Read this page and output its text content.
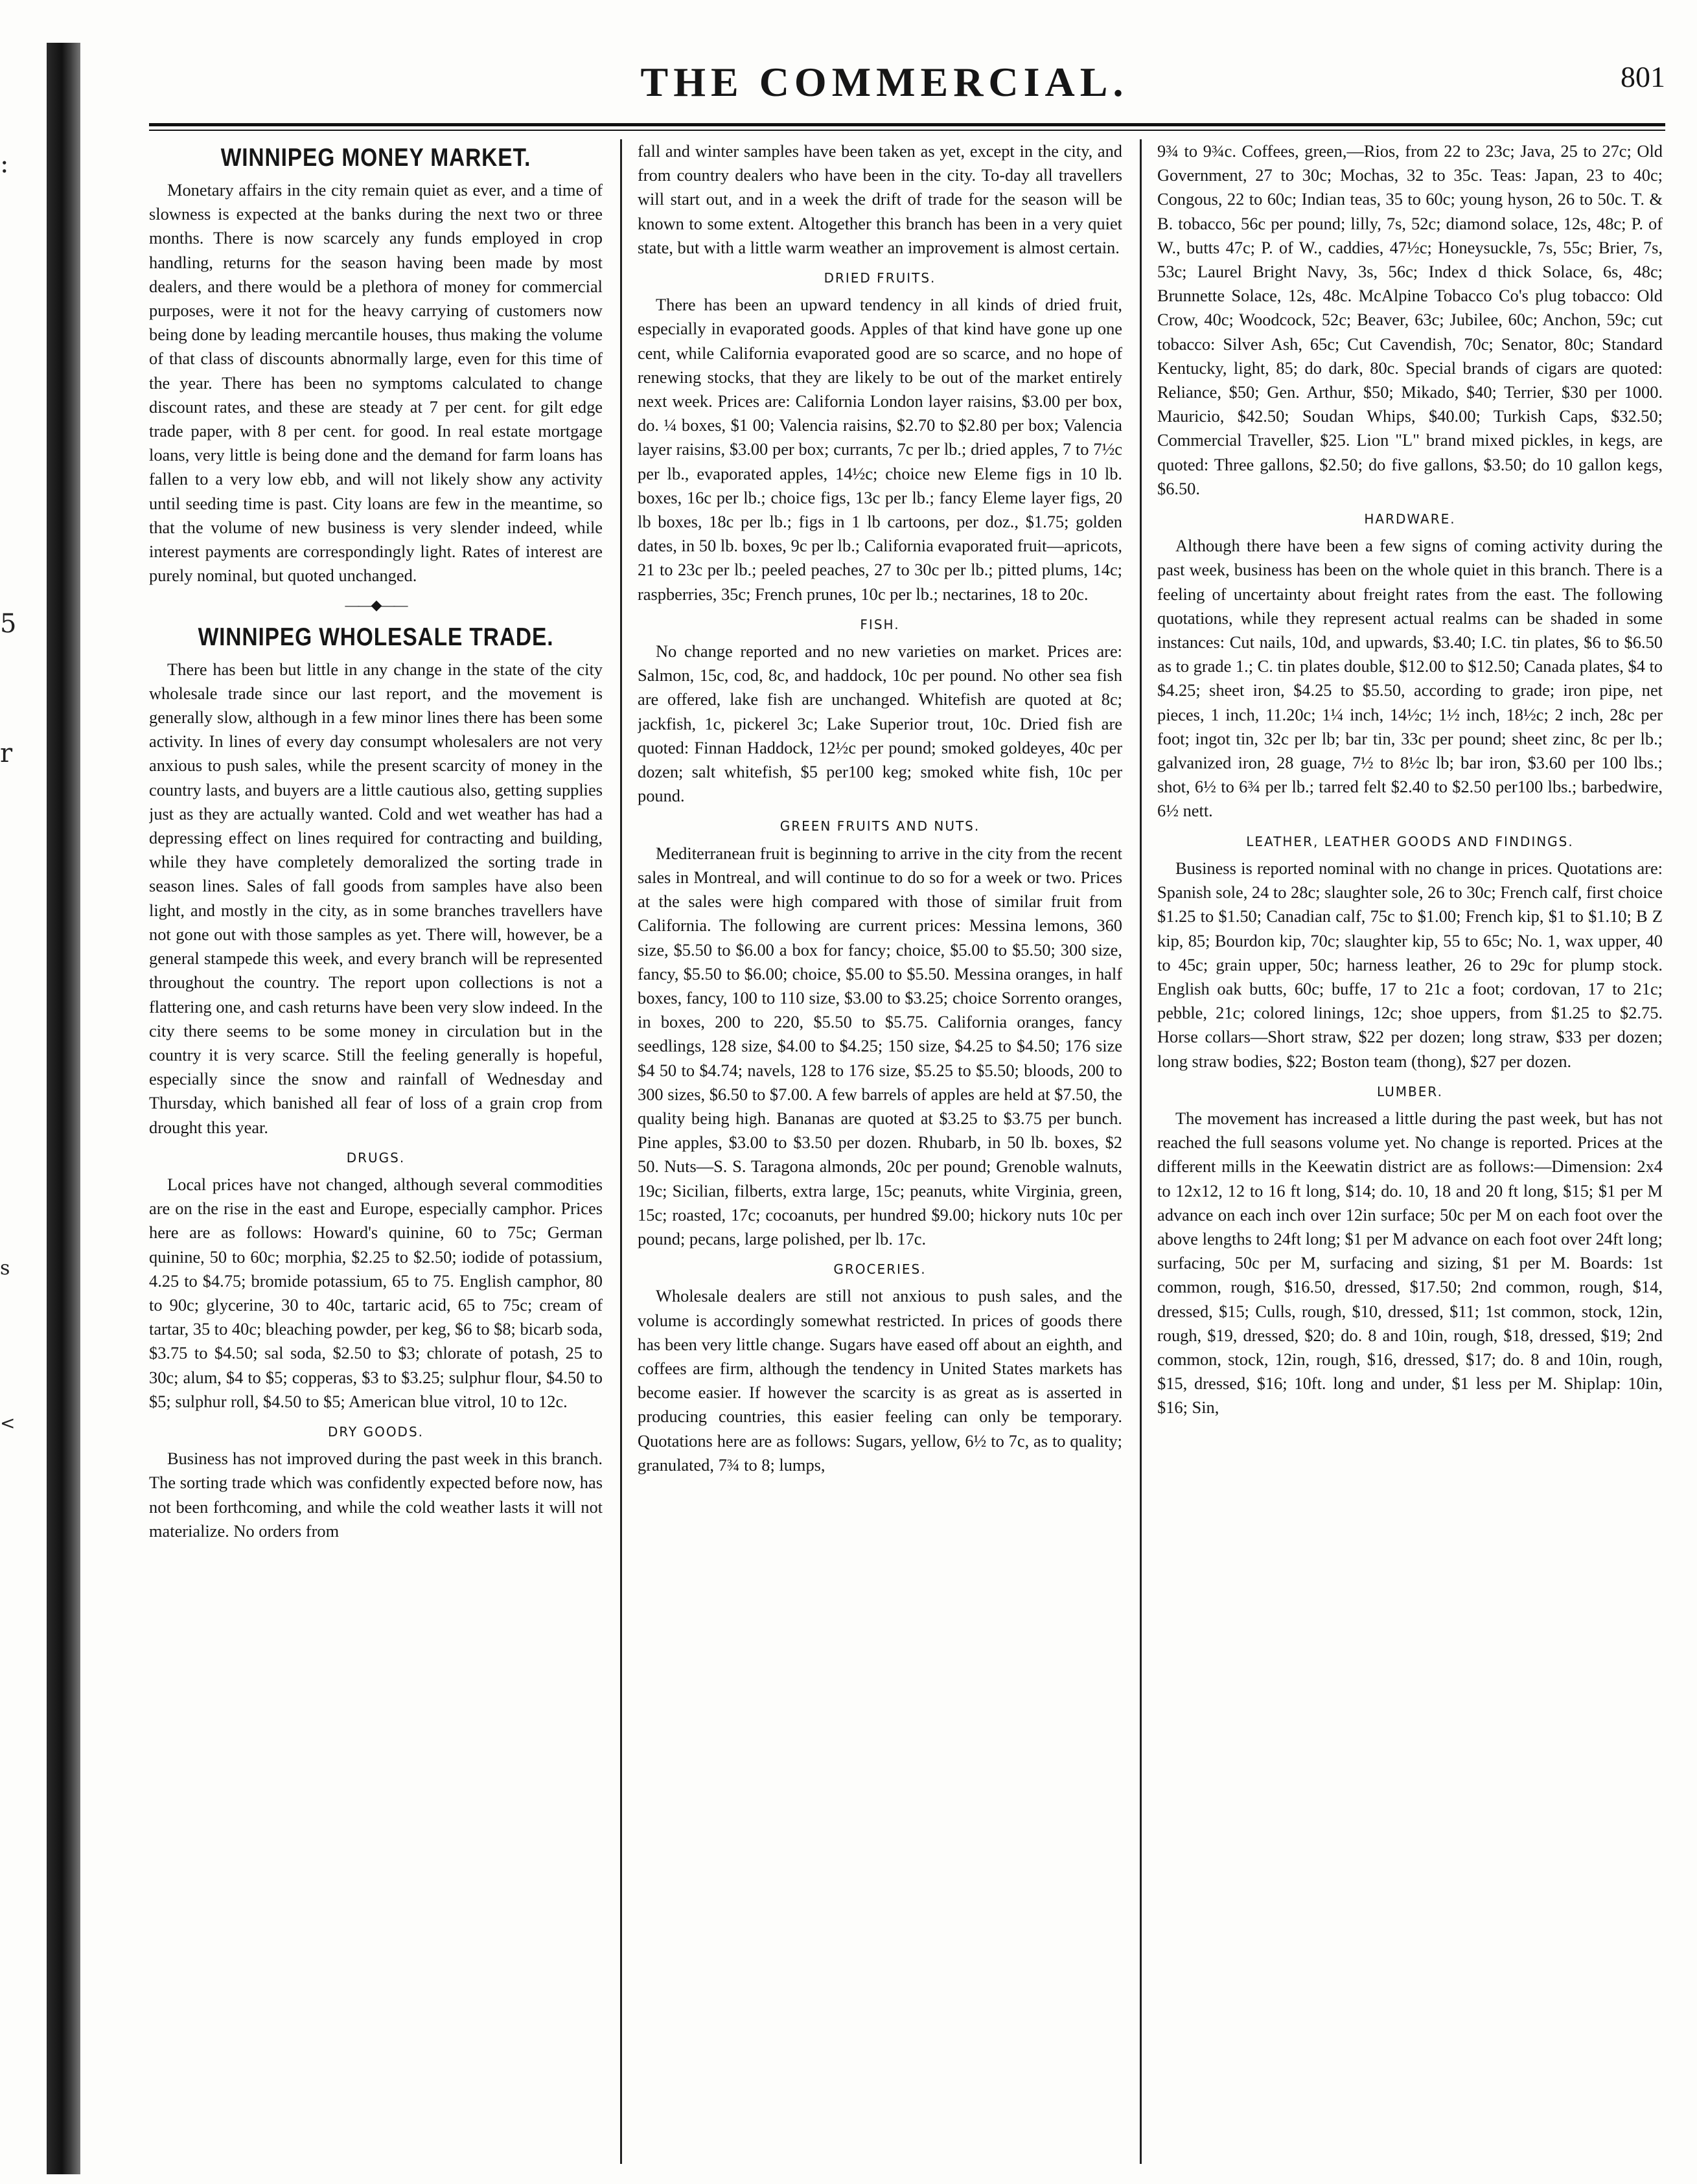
:
5
r
s
<
THE COMMERCIAL.	801
WINNIPEG MONEY MARKET.

Monetary affairs in the city remain quiet as ever, and a time of slowness is expected at the banks during the next two or three months. There is now scarcely any funds employed in crop handling, returns for the season having been made by most dealers, and there would be a plethora of money for commercial purposes, were it not for the heavy carrying of customers now being done by leading mercantile houses, thus making the volume of that class of discounts abnormally large, even for this time of the year. There has been no symptoms calculated to change discount rates, and these are steady at 7 per cent. for gilt edge trade paper, with 8 per cent. for good. In real estate mortgage loans, very little is being done and the demand for farm loans has fallen to a very low ebb, and will not likely show any activity until seeding time is past. City loans are few in the meantime, so that the volume of new business is very slender indeed, while interest payments are correspondingly light. Rates of interest are purely nominal, but quoted unchanged.

——◆——
WINNIPEG WHOLESALE TRADE.

There has been but little in any change in the state of the city wholesale trade since our last report, and the movement is generally slow, although in a few minor lines there has been some activity. In lines of every day consumpt wholesalers are not very anxious to push sales, while the present scarcity of money in the country lasts, and buyers are a little cautious also, getting supplies just as they are actually wanted. Cold and wet weather has had a depressing effect on lines required for contracting and building, while they have completely demoralized the sorting trade in season lines. Sales of fall goods from samples have also been light, and mostly in the city, as in some branches travellers have not gone out with those samples as yet. There will, however, be a general stampede this week, and every branch will be represented throughout the country. The report upon collections is not a flattering one, and cash returns have been very slow indeed. In the city there seems to be some money in circulation but in the country it is very scarce. Still the feeling generally is hopeful, especially since the snow and rainfall of Wednesday and Thursday, which banished all fear of loss of a grain crop from drought this year.

DRUGS.

Local prices have not changed, although several commodities are on the rise in the east and Europe, especially camphor. Prices here are as follows: Howard's quinine, 60 to 75c; German quinine, 50 to 60c; morphia, $2.25 to $2.50; iodide of potassium, 4.25 to $4.75; bromide potassium, 65 to 75. English camphor, 80 to 90c; glycerine, 30 to 40c, tartaric acid, 65 to 75c; cream of tartar, 35 to 40c; bleaching powder, per keg, $6 to $8; bicarb soda, $3.75 to $4.50; sal soda, $2.50 to $3; chlorate of potash, 25 to 30c; alum, $4 to $5; copperas, $3 to $3.25; sulphur flour, $4.50 to $5; sulphur roll, $4.50 to $5; American blue vitrol, 10 to 12c.

DRY GOODS.

Business has not improved during the past week in this branch. The sorting trade which was confidently expected before now, has not been forthcoming, and while the cold weather lasts it will not materialize. No orders from

fall and winter samples have been taken as yet, except in the city, and from country dealers who have been in the city. To-day all travellers will start out, and in a week the drift of trade for the season will be known to some extent. Altogether this branch has been in a very quiet state, but with a little warm weather an improvement is almost certain.

DRIED FRUITS.

There has been an upward tendency in all kinds of dried fruit, especially in evaporated goods. Apples of that kind have gone up one cent, while California evaporated good are so scarce, and no hope of renewing stocks, that they are likely to be out of the market entirely next week. Prices are: California London layer raisins, $3.00 per box, do. ¼ boxes, $1 00; Valencia raisins, $2.70 to $2.80 per box; Valencia layer raisins, $3.00 per box; currants, 7c per lb.; dried apples, 7 to 7½c per lb., evaporated apples, 14½c; choice new Eleme figs in 10 lb. boxes, 16c per lb.; choice figs, 13c per lb.; fancy Eleme layer figs, 20 lb boxes, 18c per lb.; figs in 1 lb cartoons, per doz., $1.75; golden dates, in 50 lb. boxes, 9c per lb.; California evaporated fruit—apricots, 21 to 23c per lb.; peeled peaches, 27 to 30c per lb.; pitted plums, 14c; raspberries, 35c; French prunes, 10c per lb.; nectarines, 18 to 20c.

FISH.

No change reported and no new varieties on market. Prices are: Salmon, 15c, cod, 8c, and haddock, 10c per pound. No other sea fish are offered, lake fish are unchanged. Whitefish are quoted at 8c; jackfish, 1c, pickerel 3c; Lake Superior trout, 10c. Dried fish are quoted: Finnan Haddock, 12½c per pound; smoked goldeyes, 40c per dozen; salt whitefish, $5 per100 keg; smoked white fish, 10c per pound.

GREEN FRUITS AND NUTS.

Mediterranean fruit is beginning to arrive in the city from the recent sales in Montreal, and will continue to do so for a week or two. Prices at the sales were high compared with those of similar fruit from California. The following are current prices: Messina lemons, 360 size, $5.50 to $6.00 a box for fancy; choice, $5.00 to $5.50; 300 size, fancy, $5.50 to $6.00; choice, $5.00 to $5.50. Messina oranges, in half boxes, fancy, 100 to 110 size, $3.00 to $3.25; choice Sorrento oranges, in boxes, 200 to 220, $5.50 to $5.75. California oranges, fancy seedlings, 128 size, $4.00 to $4.25; 150 size, $4.25 to $4.50; 176 size $4 50 to $4.74; navels, 128 to 176 size, $5.25 to $5.50; bloods, 200 to 300 sizes, $6.50 to $7.00. A few barrels of apples are held at $7.50, the quality being high. Bananas are quoted at $3.25 to $3.75 per bunch. Pine apples, $3.00 to $3.50 per dozen. Rhubarb, in 50 lb. boxes, $2 50. Nuts—S. S. Taragona almonds, 20c per pound; Grenoble walnuts, 19c; Sicilian, filberts, extra large, 15c; peanuts, white Virginia, green, 15c; roasted, 17c; cocoanuts, per hundred $9.00; hickory nuts 10c per pound; pecans, large polished, per lb. 17c.

GROCERIES.

Wholesale dealers are still not anxious to push sales, and the volume is accordingly somewhat restricted. In prices of goods there has been very little change. Sugars have eased off about an eighth, and coffees are firm, although the tendency in United States markets has become easier. If however the scarcity is as great as is asserted in producing countries, this easier feeling can only be temporary. Quotations here are as follows: Sugars, yellow, 6½ to 7c, as to quality; granulated, 7¾ to 8; lumps,

9¾ to 9¾c. Coffees, green,—Rios, from 22 to 23c; Java, 25 to 27c; Old Government, 27 to 30c; Mochas, 32 to 35c. Teas: Japan, 23 to 40c; Congous, 22 to 60c; Indian teas, 35 to 60c; young hyson, 26 to 50c. T. & B. tobacco, 56c per pound; lilly, 7s, 52c; diamond solace, 12s, 48c; P. of W., butts 47c; P. of W., caddies, 47½c; Honeysuckle, 7s, 55c; Brier, 7s, 53c; Laurel Bright Navy, 3s, 56c; Index d thick Solace, 6s, 48c; Brunnette Solace, 12s, 48c. McAlpine Tobacco Co's plug tobacco: Old Crow, 40c; Woodcock, 52c; Beaver, 63c; Jubilee, 60c; Anchon, 59c; cut tobacco: Silver Ash, 65c; Cut Cavendish, 70c; Senator, 80c; Standard Kentucky, light, 85; do dark, 80c. Special brands of cigars are quoted: Reliance, $50; Gen. Arthur, $50; Mikado, $40; Terrier, $30 per 1000. Mauricio, $42.50; Soudan Whips, $40.00; Turkish Caps, $32.50; Commercial Traveller, $25. Lion "L" brand mixed pickles, in kegs, are quoted: Three gallons, $2.50; do five gallons, $3.50; do 10 gallon kegs, $6.50.

HARDWARE.

Although there have been a few signs of coming activity during the past week, business has been on the whole quiet in this branch. There is a feeling of uncertainty about freight rates from the east. The following quotations, while they represent actual realms can be shaded in some instances: Cut nails, 10d, and upwards, $3.40; I.C. tin plates, $6 to $6.50 as to grade 1.; C. tin plates double, $12.00 to $12.50; Canada plates, $4 to $4.25; sheet iron, $4.25 to $5.50, according to grade; iron pipe, net pieces, 1 inch, 11.20c; 1¼ inch, 14½c; 1½ inch, 18½c; 2 inch, 28c per foot; ingot tin, 32c per lb; bar tin, 33c per pound; sheet zinc, 8c per lb.; galvanized iron, 28 guage, 7½ to 8½c lb; bar iron, $3.60 per 100 lbs.; shot, 6½ to 6¾ per lb.; tarred felt $2.40 to $2.50 per100 lbs.; barbedwire, 6½ nett.

LEATHER, LEATHER GOODS AND FINDINGS.

Business is reported nominal with no change in prices. Quotations are: Spanish sole, 24 to 28c; slaughter sole, 26 to 30c; French calf, first choice $1.25 to $1.50; Canadian calf, 75c to $1.00; French kip, $1 to $1.10; B Z kip, 85; Bourdon kip, 70c; slaughter kip, 55 to 65c; No. 1, wax upper, 40 to 45c; grain upper, 50c; harness leather, 26 to 29c for plump stock. English oak butts, 60c; buffe, 17 to 21c a foot; cordovan, 17 to 21c; pebble, 21c; colored linings, 12c; shoe uppers, from $1.25 to $2.75. Horse collars—Short straw, $22 per dozen; long straw, $33 per dozen; long straw bodies, $22; Boston team (thong), $27 per dozen.

LUMBER.

The movement has increased a little during the past week, but has not reached the full seasons volume yet. No change is reported. Prices at the different mills in the Keewatin district are as follows:—Dimension: 2x4 to 12x12, 12 to 16 ft long, $14; do. 10, 18 and 20 ft long, $15; $1 per M advance on each inch over 12in surface; 50c per M on each foot over the above lengths to 24ft long; $1 per M advance on each foot over 24ft long; surfacing, 50c per M, surfacing and sizing, $1 per M. Boards: 1st common, rough, $16.50, dressed, $17.50; 2nd common, rough, $14, dressed, $15; Culls, rough, $10, dressed, $11; 1st common, stock, 12in, rough, $19, dressed, $20; do. 8 and 10in, rough, $18, dressed, $19; 2nd common, stock, 12in, rough, $16, dressed, $17; do. 8 and 10in, rough, $15, dressed, $16; 10ft. long and under, $1 less per M. Shiplap: 10in, $16; Sin,
